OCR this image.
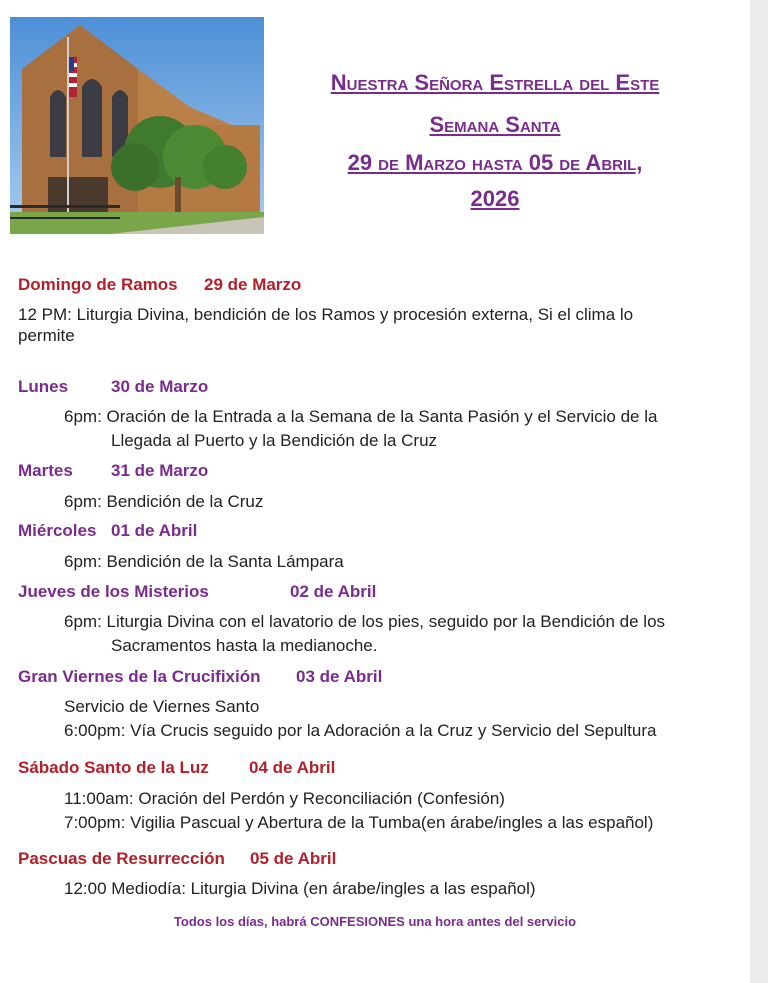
Nuestra Señora Estrella del Este
Semana Santa
29 de Marzo hasta 05 de Abril,
2026
Domingo de Ramos 29 de Marzo
12 PM: Liturgia Divina, bendición de los Ramos y procesión externa, Si el clima lo
permite
Lunes	30 de Marzo
6pm: Oración de la Entrada a la Semana de la Santa Pasión y el Servicio de la
Llegada al Puerto y la Bendición de la Cruz
Martes 31 de Marzo
6pm: Bendición de la Cruz
Miércoles 01 de Abril
6pm: Bendición de la Santa Lámpara
Jueves de los Misterios	02 de Abril
6pm: Liturgia Divina con el lavatorio de los pies, seguido por la Bendición de los
Sacramentos hasta la medianoche.
Gran Viernes de la Crucifixión 03 de Abril
Servicio de Viernes Santo
6:00pm: Vía Crucis seguido por la Adoración a la Cruz y Servicio del Sepultura
Sábado Santo de la Luz 04 de Abril
11:00am: Oración del Perdón y Reconciliación (Confesión)
7:00pm: Vigilia Pascual y Abertura de la Tumba(en árabe/ingles a las español)
Pascuas de Resurrección 05 de Abril
12:00 Mediodía: Liturgia Divina (en árabe/ingles a las español)
Todos los días, habrá CONFESIONES una hora antes del servicio
